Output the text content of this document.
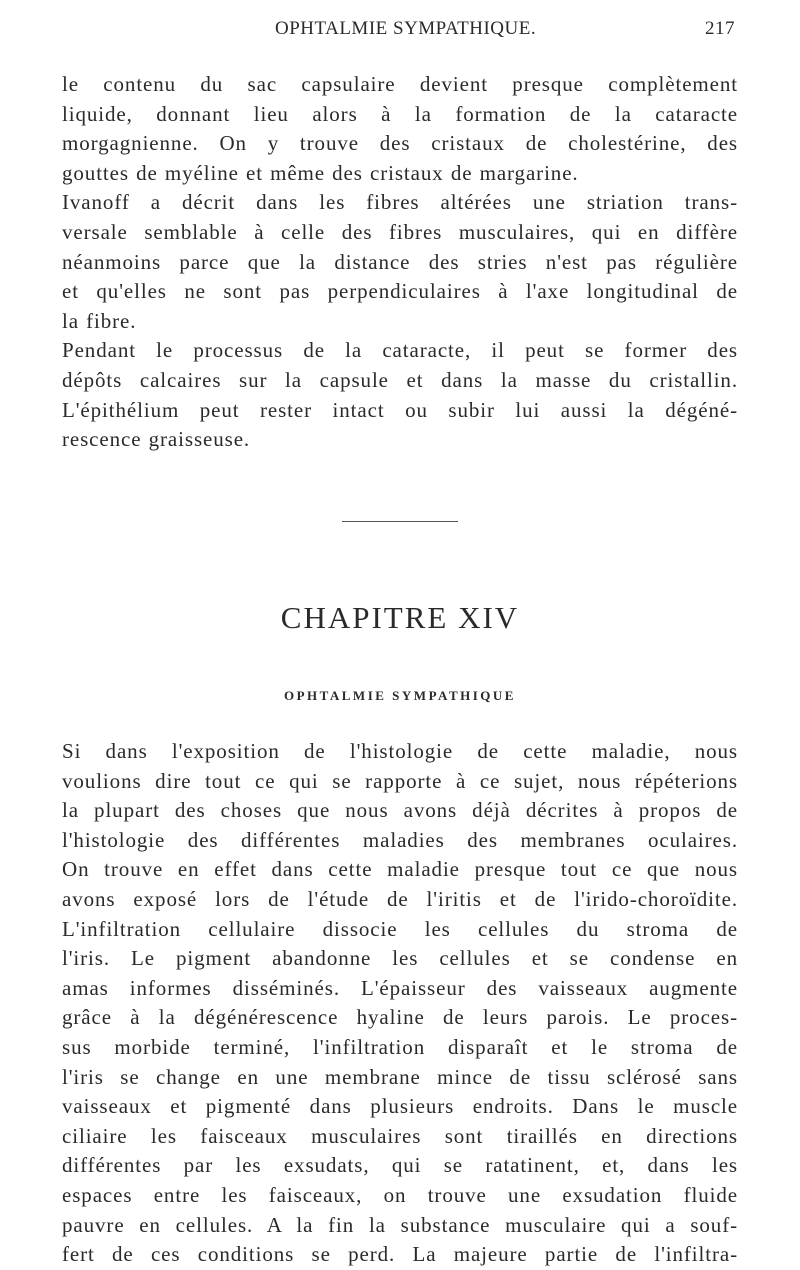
OPHTALMIE SYMPATHIQUE.	217

le contenu du sac capsulaire devient presque complètement

liquide, donnant lieu alors à la formation de la cataracte

morgagnienne. On y trouve des cristaux de cholestérine, des

gouttes de myéline et même des cristaux de margarine.

Ivanoff a décrit dans les fibres altérées une striation trans-

versale semblable à celle des fibres musculaires, qui en diffère

néanmoins parce que la distance des stries n'est pas régulière

et qu'elles ne sont pas perpendiculaires à l'axe longitudinal de

la fibre.

Pendant le processus de la cataracte, il peut se former des

dépôts calcaires sur la capsule et dans la masse du cristallin.

L'épithélium peut rester intact ou subir lui aussi la dégéné-

rescence graisseuse.

CHAPITRE XIV
OPHTALMIE SYMPATHIQUE

Si dans l'exposition de l'histologie de cette maladie, nous

voulions dire tout ce qui se rapporte à ce sujet, nous répéterions

la plupart des choses que nous avons déjà décrites à propos de

l'histologie des différentes maladies des membranes oculaires.

On trouve en effet dans cette maladie presque tout ce que nous

avons exposé lors de l'étude de l'iritis et de l'irido-choroïdite.

L'infiltration cellulaire dissocie les cellules du stroma de

l'iris. Le pigment abandonne les cellules et se condense en

amas informes disséminés. L'épaisseur des vaisseaux augmente

grâce à la dégénérescence hyaline de leurs parois. Le proces-

sus morbide terminé, l'infiltration disparaît et le stroma de

l'iris se change en une membrane mince de tissu sclérosé sans

vaisseaux et pigmenté dans plusieurs endroits. Dans le muscle

ciliaire les faisceaux musculaires sont tiraillés en directions

différentes par les exsudats, qui se ratatinent, et, dans les

espaces entre les faisceaux, on trouve une exsudation fluide

pauvre en cellules. A la fin la substance musculaire qui a souf-

fert de ces conditions se perd. La majeure partie de l'infiltra-
